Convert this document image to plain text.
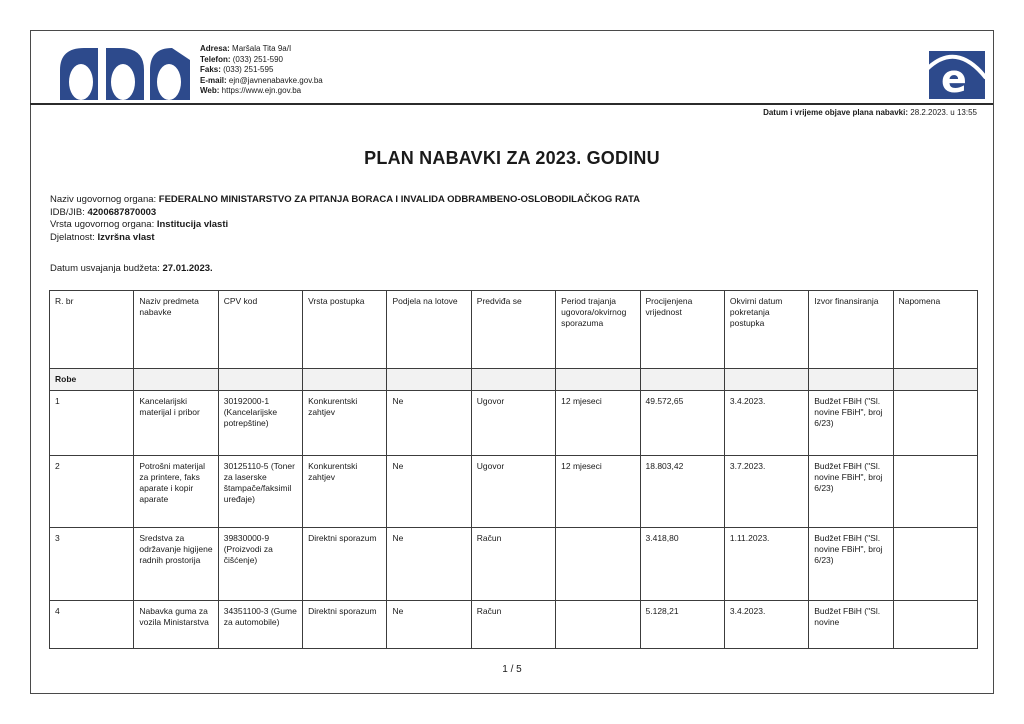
Adresa: Maršala Tita 9a/I
Telefon: (033) 251-590
Faks: (033) 251-595
E-mail: ejn@javnenabavke.gov.ba
Web: https://www.ejn.gov.ba	e
Datum i vrijeme objave plana nabavki: 28.2.2023. u 13:55
PLAN NABAVKI ZA 2023. GODINU
Naziv ugovornog organa: FEDERALNO MINISTARSTVO ZA PITANJA BORACA I INVALIDA ODBRAMBENO-OSLOBODILAČKOG RATA
IDB/JIB: 4200687870003
Vrsta ugovornog organa: Institucija vlasti
Djelatnost: Izvršna vlast
Datum usvajanja budžeta: 27.01.2023.
R. br	Naziv predmeta nabavke	CPV kod	Vrsta postupka	Podjela na lotove	Predviđa se	Period trajanja ugovora/okvirnog sporazuma	Procijenjena vrijednost	Okvirni datum pokretanja postupka	Izvor finansiranja	Napomena
Robe										
1	Kancelarijski materijal i pribor	30192000-1 (Kancelarijske potrepštine)	Konkurentski zahtjev	Ne	Ugovor	12 mjeseci	49.572,65	3.4.2023.	Budžet FBiH ("Sl. novine FBiH", broj 6/23)	
2	Potrošni materijal za printere, faks aparate i kopir aparate	30125110-5 (Toner za laserske štampače/faksimil uređaje)	Konkurentski zahtjev	Ne	Ugovor	12 mjeseci	18.803,42	3.7.2023.	Budžet FBiH ("Sl. novine FBiH", broj 6/23)	
3	Sredstva za održavanje higijene radnih prostorija	39830000-9 (Proizvodi za čišćenje)	Direktni sporazum	Ne	Račun		3.418,80	1.11.2023.	Budžet FBiH ("Sl. novine FBiH", broj 6/23)	
4	Nabavka guma za vozila Ministarstva	34351100-3 (Gume za automobile)	Direktni sporazum	Ne	Račun		5.128,21	3.4.2023.	Budžet FBiH ("Sl. novine	
1 / 5
